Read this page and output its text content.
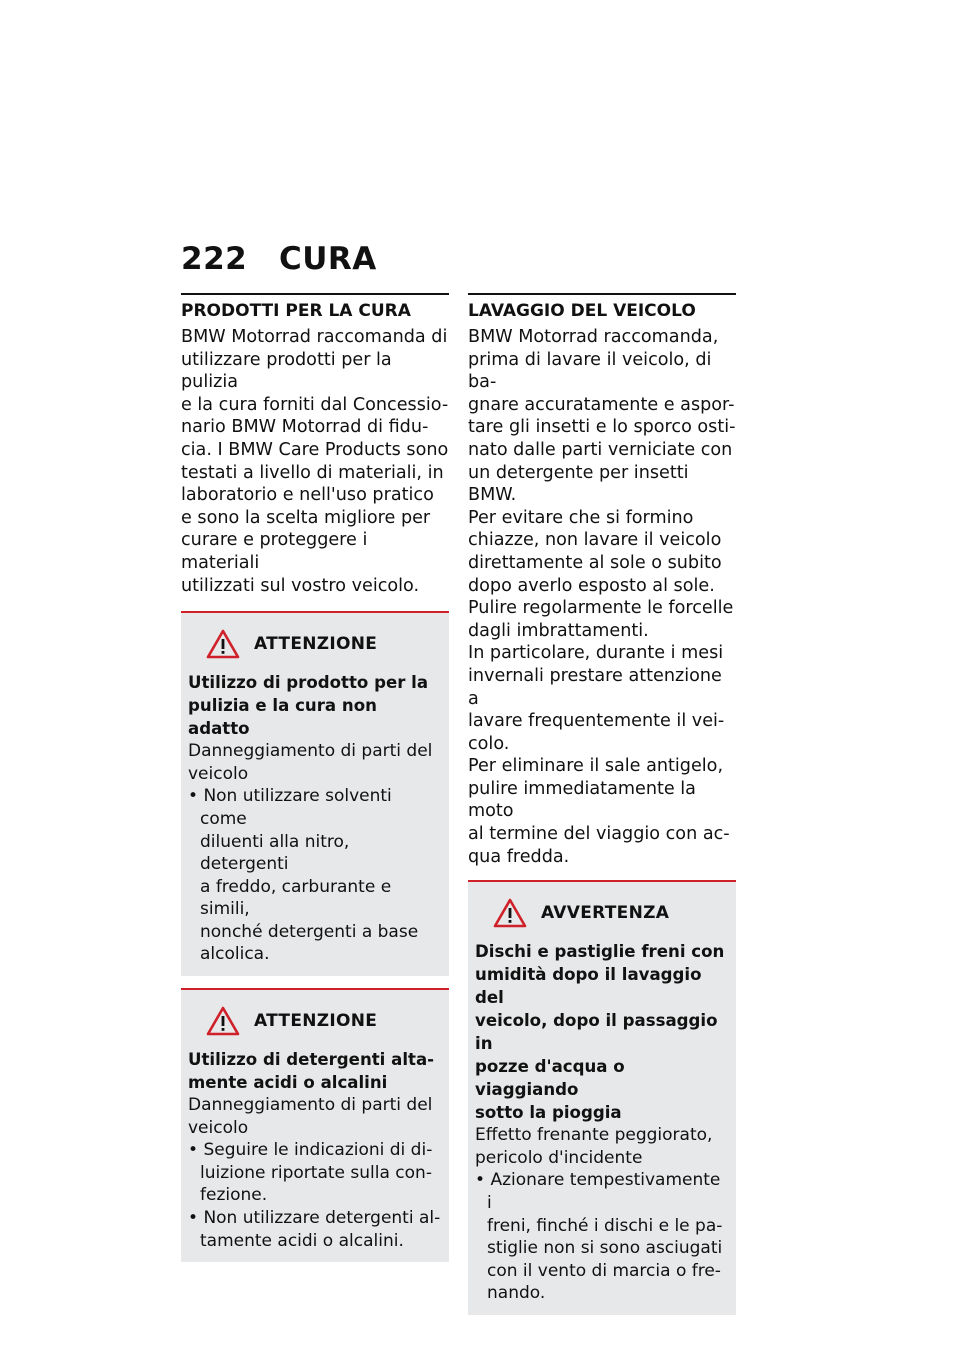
222 CURA
PRODOTTI PER LA CURA

BMW Motorrad raccomanda di
utilizzare prodotti per la pulizia
e la cura forniti dal Concessio-
nario BMW Motorrad di fidu-
cia. I BMW Care Products sono
testati a livello di materiali, in
laboratorio e nell'uso pratico
e sono la scelta migliore per
curare e proteggere i materiali
utilizzati sul vostro veicolo.

ATTENZIONE
Utilizzo di prodotto per la
pulizia e la cura non adatto
Danneggiamento di parti del
veicolo
• Non utilizzare solventi come
diluenti alla nitro, detergenti
a freddo, carburante e simili,
nonché detergenti a base
alcolica.
ATTENZIONE
Utilizzo di detergenti alta-
mente acidi o alcalini
Danneggiamento di parti del
veicolo
• Seguire le indicazioni di di-
luizione riportate sulla con-
fezione.
• Non utilizzare detergenti al-
tamente acidi o alcalini.
LAVAGGIO DEL VEICOLO

BMW Motorrad raccomanda,
prima di lavare il veicolo, di ba-
gnare accuratamente e aspor-
tare gli insetti e lo sporco osti-
nato dalle parti verniciate con
un detergente per insetti BMW.

Per evitare che si formino
chiazze, non lavare il veicolo
direttamente al sole o subito
dopo averlo esposto al sole.

Pulire regolarmente le forcelle
dagli imbrattamenti.

In particolare, durante i mesi
invernali prestare attenzione a
lavare frequentemente il vei-
colo.

Per eliminare il sale antigelo,
pulire immediatamente la moto
al termine del viaggio con ac-
qua fredda.

AVVERTENZA
Dischi e pastiglie freni con
umidità dopo il lavaggio del
veicolo, dopo il passaggio in
pozze d'acqua o viaggiando
sotto la pioggia
Effetto frenante peggiorato,
pericolo d'incidente
• Azionare tempestivamente i
freni, finché i dischi e le pa-
stiglie non si sono asciugati
con il vento di marcia o fre-
nando.
